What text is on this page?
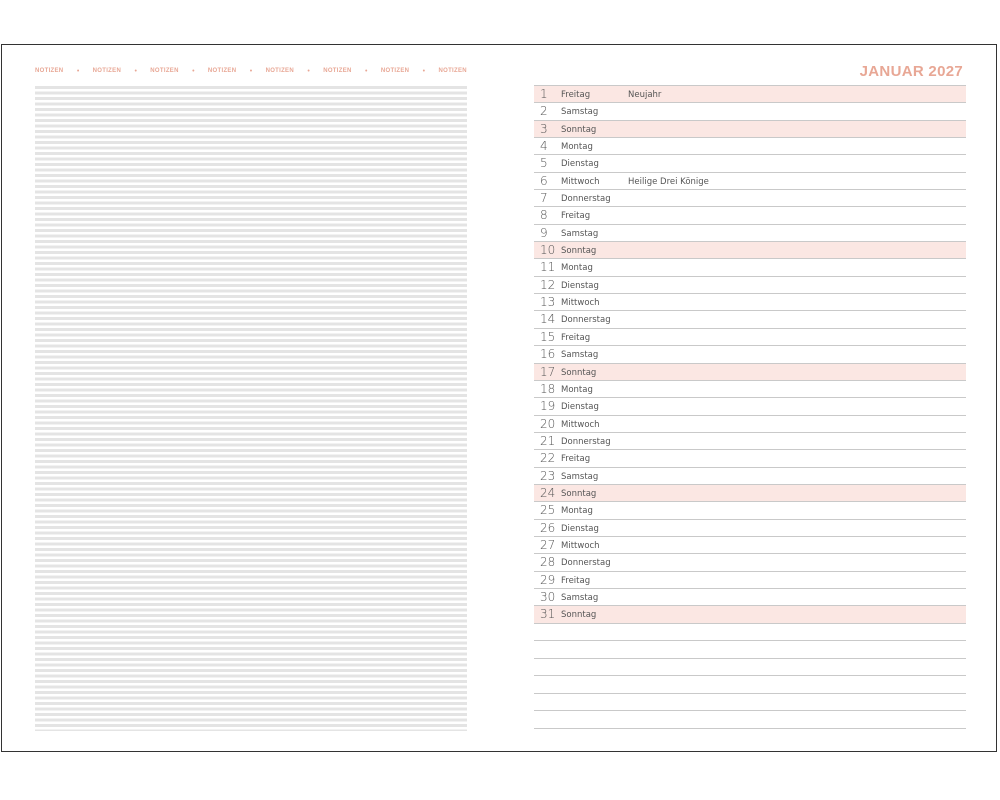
NOTIZEN • NOTIZEN • NOTIZEN • NOTIZEN • NOTIZEN • NOTIZEN • NOTIZEN • NOTIZEN	JANUAR 2027
1 Freitag	Neujahr
2 Samstag
3 Sonntag
4 Montag
5 Dienstag
6 Mittwoch	Heilige Drei Könige
7 Donnerstag
8 Freitag
9 Samstag
10 Sonntag
11 Montag
12 Dienstag
13 Mittwoch
14 Donnerstag
15 Freitag
16 Samstag
17 Sonntag
18 Montag
19 Dienstag
20 Mittwoch
21 Donnerstag
22 Freitag
23 Samstag
24 Sonntag
25 Montag
26 Dienstag
27 Mittwoch
28 Donnerstag
29 Freitag
30 Samstag
31 Sonntag
